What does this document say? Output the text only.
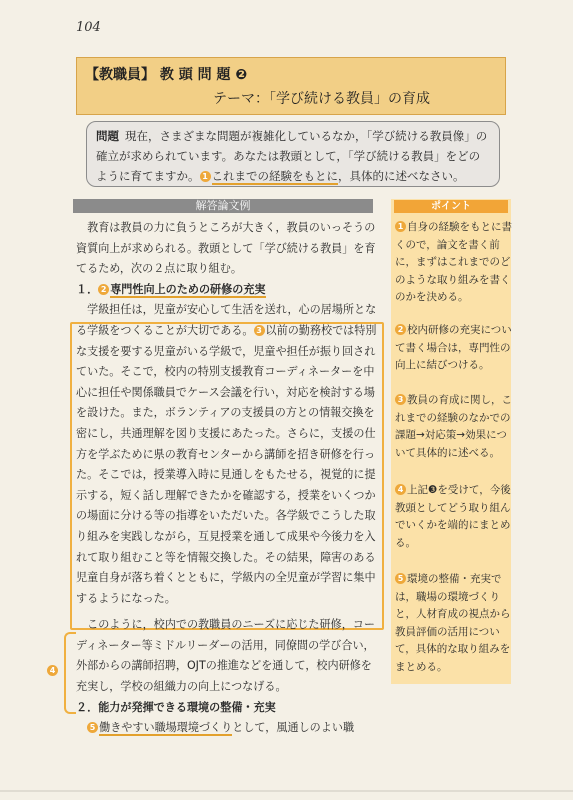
104
【教職員】 教 頭 問 題 ❷
テーマ：「学び続ける教員」の育成
問題 現在，さまざまな問題が複雑化しているなか，「学び続ける教員像」の確立が求められています。あなたは教頭として，「学び続ける教員」をどのように育てますか。 1 これまでの経験をもとに，具体的に述べなさい。
解答論文例
4

教育は教員の力に負うところが大きく，教員のいっそうの資質向上が求められる。教頭として「学び続ける教員」を育てるため，次の２点に取り組む。

１． 2 専門性向上のための研修の充実

学級担任は，児童が安心して生活を送れ，心の居場所となる学級をつくることが大切である。 3 以前の勤務校では特別な支援を要する児童がいる学級で，児童や担任が振り回されていた。そこで，校内の特別支援教育コーディネーターを中心に担任や関係職員でケース会議を行い，対応を検討する場を設けた。また，ボランティアの支援員の方との情報交換を密にし，共通理解を図り支援にあたった。さらに，支援の仕方を学ぶために県の教育センターから講師を招き研修を行った。そこでは，授業導入時に見通しをもたせる，視覚的に提示する，短く話し理解できたかを確認する，授業をいくつかの場面に分ける等の指導をいただいた。各学級でこうした取り組みを実践しながら，互見授業を通して成果や今後力を入れて取り組むこと等を情報交換した。その結果，障害のある児童自身が落ち着くとともに，学級内の全児童が学習に集中するようになった。

このように，校内での教職員のニーズに応じた研修，コーディネーター等ミドルリーダーの活用，同僚間の学び合い，外部からの講師招聘，OJTの推進などを通して，校内研修を充実し，学校の組織力の向上につなげる。

２．能力が発揮できる環境の整備・充実

5 働きやすい職場環境づくりとして，風通しのよい職

ポイント
1 自身の経験をもとに書くので，論文を書く前に，まずはこれまでのどのような取り組みを書くのかを決める。
2 校内研修の充実について書く場合は，専門性の向上に結びつける。
3 教員の育成に関し，これまでの経験のなかでの課題→対応策→効果について具体的に述べる。
4 上記❸を受けて，今後教頭としてどう取り組んでいくかを端的にまとめる。
5 環境の整備・充実では，職場の環境づくりと，人材育成の視点から教員評価の活用について，具体的な取り組みをまとめる。
